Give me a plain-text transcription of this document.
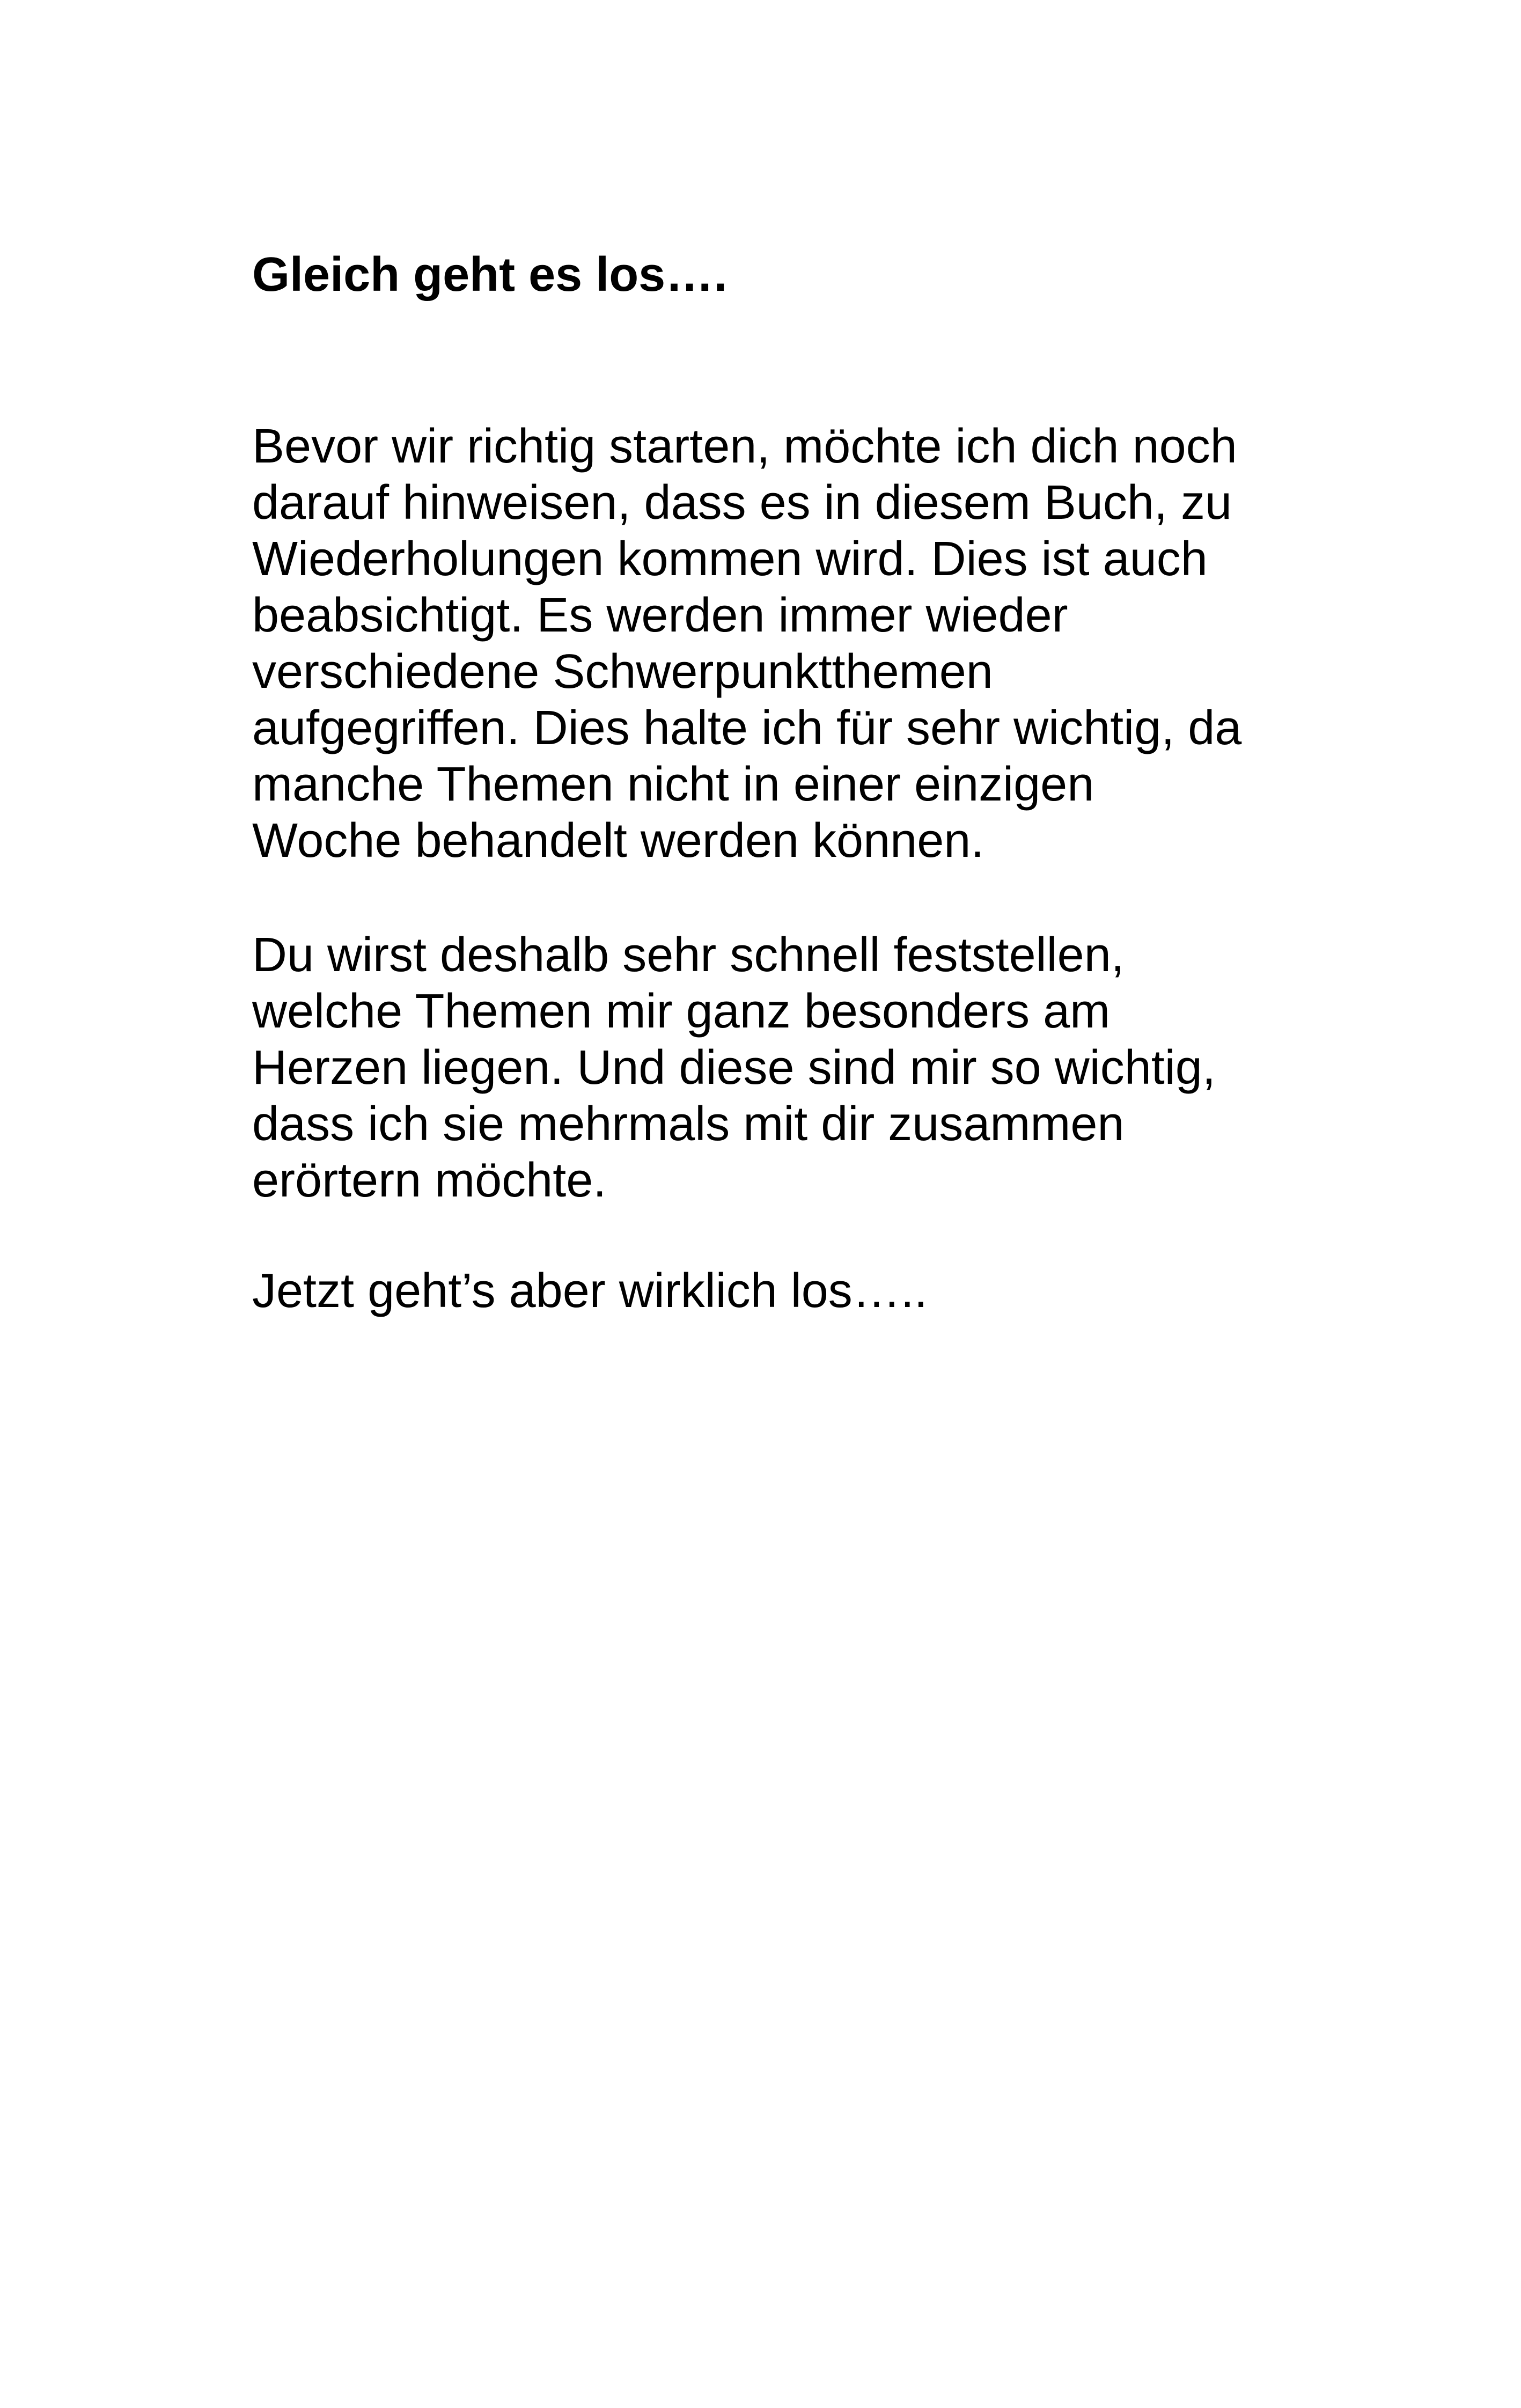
Gleich geht es los….

Bevor wir richtig starten, möchte ich dich noch
darauf hinweisen, dass es in diesem Buch, zu
Wiederholungen kommen wird. Dies ist auch
beabsichtigt. Es werden immer wieder
verschiedene Schwerpunktthemen
aufgegriffen. Dies halte ich für sehr wichtig, da
manche Themen nicht in einer einzigen
Woche behandelt werden können.

Du wirst deshalb sehr schnell feststellen,
welche Themen mir ganz besonders am
Herzen liegen. Und diese sind mir so wichtig,
dass ich sie mehrmals mit dir zusammen
erörtern möchte.

Jetzt geht’s aber wirklich los…..
